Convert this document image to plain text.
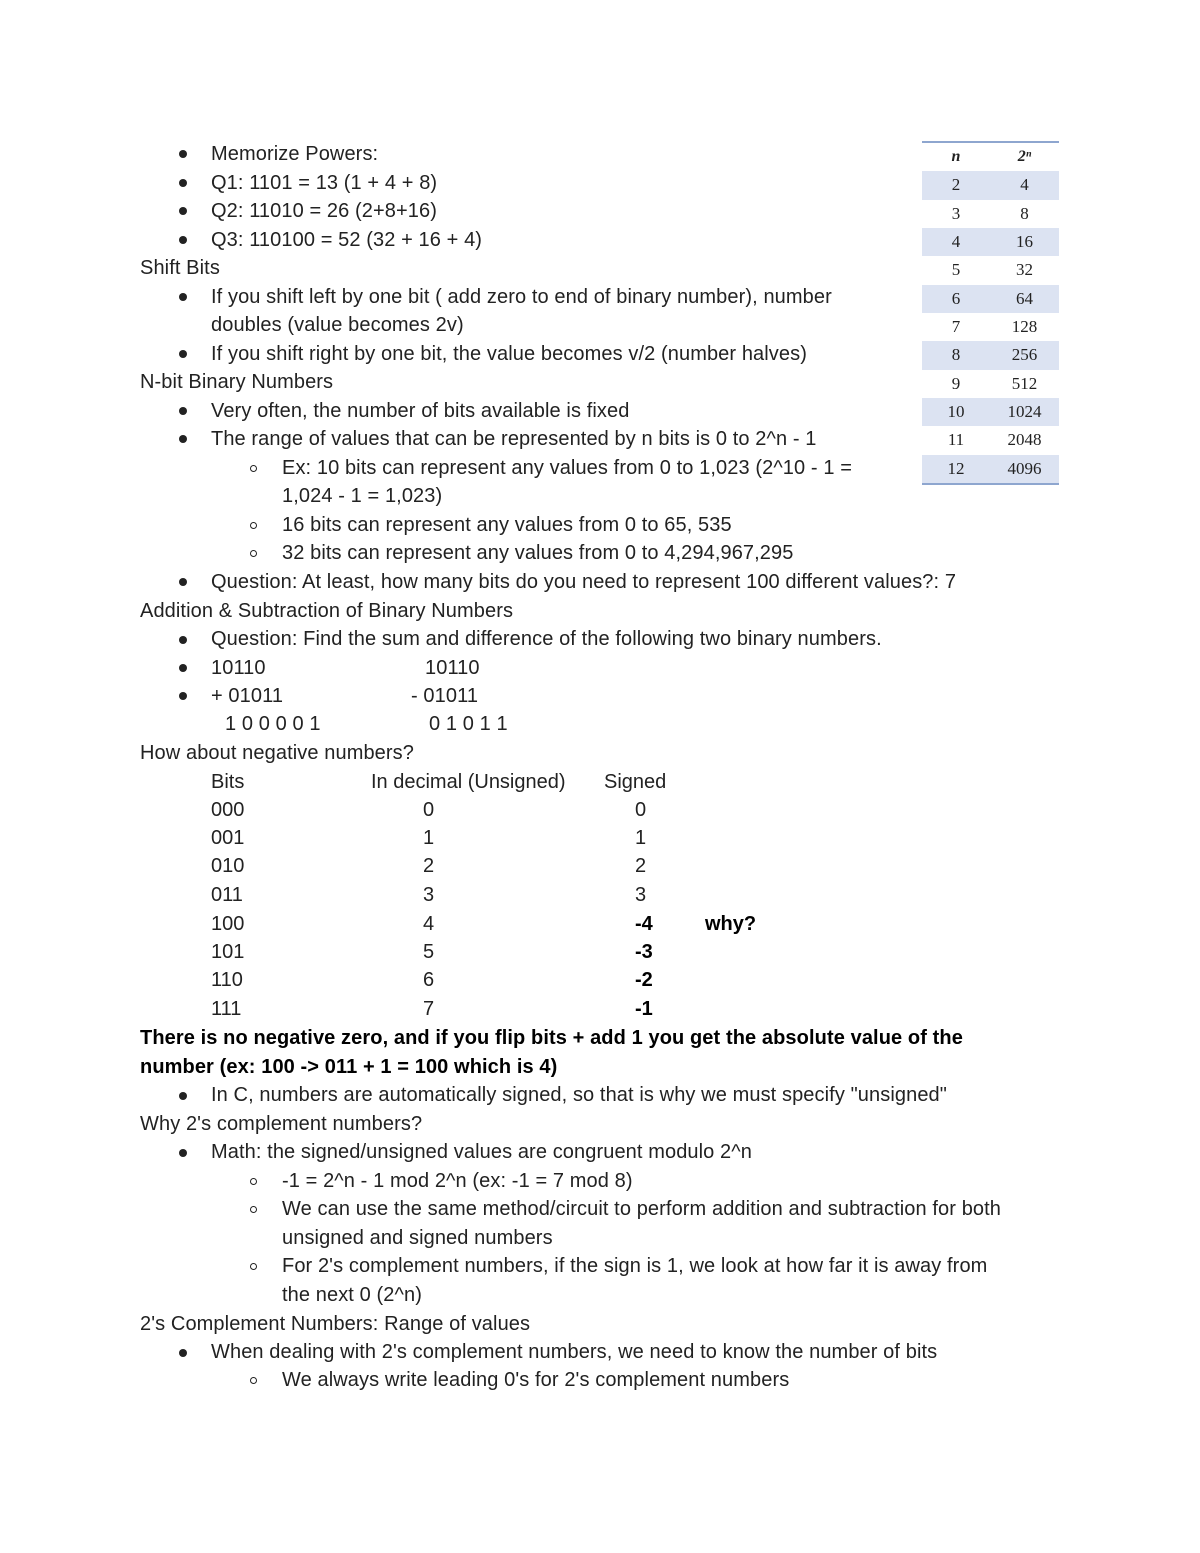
n	2ⁿ
2	4
3	8
4	16
5	32
6	64
7	128
8	256
9	512
10	1024
11	2048
12	4096
Memorize Powers:
Q1: 1101 = 13 (1 + 4 + 8)
Q2: 11010 = 26 (2+8+16)
Q3: 110100 = 52 (32 + 16 + 4)
Shift Bits
If you shift left by one bit ( add zero to end of binary number), number
doubles (value becomes 2v)
If you shift right by one bit, the value becomes v/2 (number halves)
N-bit Binary Numbers
Very often, the number of bits available is fixed
The range of values that can be represented by n bits is 0 to 2^n - 1
Ex: 10 bits can represent any values from 0 to 1,023 (2^10 - 1 =
1,024 - 1 = 1,023)
16 bits can represent any values from 0 to 65, 535
32 bits can represent any values from 0 to 4,294,967,295
Question: At least, how many bits do you need to represent 100 different values?: 7
Addition & Subtraction of Binary Numbers
Question: Find the sum and difference of the following two binary numbers.
10110	10110
+ 01011	- 01011
1 0 0 0 0 1	0 1 0 1 1
How about negative numbers?
Bits	In decimal (Unsigned) Signed
000	0	0
001	1	1
010	2	2
011	3	3
100	4	-4	why?
101	5	-3
110	6	-2
111	7	-1
There is no negative zero, and if you flip bits + add 1 you get the absolute value of the
number (ex: 100 -> 011 + 1 = 100 which is 4)
In C, numbers are automatically signed, so that is why we must specify "unsigned"
Why 2's complement numbers?
Math: the signed/unsigned values are congruent modulo 2^n
-1 = 2^n - 1 mod 2^n (ex: -1 = 7 mod 8)
We can use the same method/circuit to perform addition and subtraction for both
unsigned and signed numbers
For 2's complement numbers, if the sign is 1, we look at how far it is away from
the next 0 (2^n)
2's Complement Numbers: Range of values
When dealing with 2's complement numbers, we need to know the number of bits
We always write leading 0's for 2's complement numbers
